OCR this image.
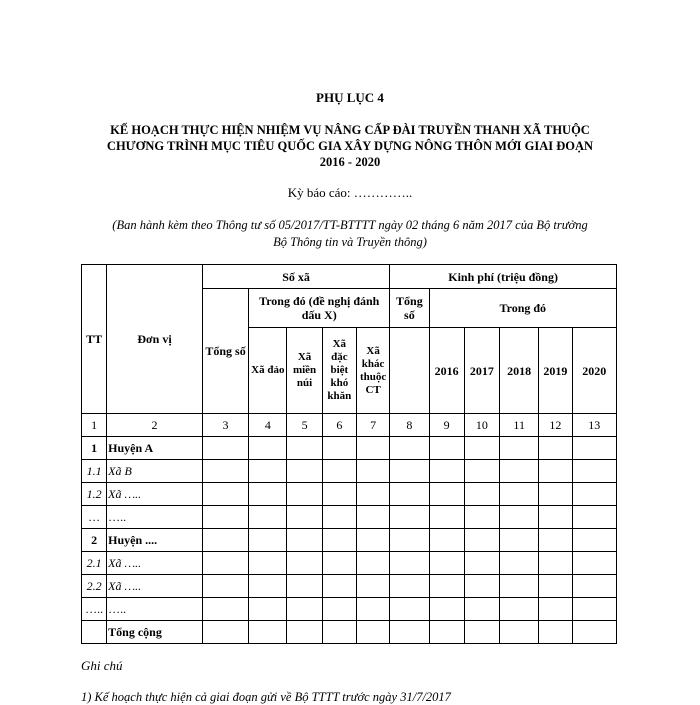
PHỤ LỤC 4
KẾ HOẠCH THỰC HIỆN NHIỆM VỤ NÂNG CẤP ĐÀI TRUYỀN THANH XÃ THUỘC
CHƯƠNG TRÌNH MỤC TIÊU QUỐC GIA XÂY DỰNG NÔNG THÔN MỚI GIAI ĐOẠN
2016 - 2020
Kỳ báo cáo: …………..
(Ban hành kèm theo Thông tư số 05/2017/TT-BTTTT ngày 02 tháng 6 năm 2017 của Bộ trưởng
Bộ Thông tin và Truyền thông)
TT	Đơn vị	Số xã					Kinh phí (triệu đồng)					
		Tổng số	Trong đó (đề nghị đánh dấu X)				Tổng số	Trong đó				
			Xã đảo	Xã miền núi	Xã đặc biệt khó khăn	Xã khác thuộc CT		2016	2017	2018	2019	2020
1	2	3	4	5	6	7	8	9	10	11	12	13
1	Huyện A											
1.1	Xã B											
1.2	Xã …..											
…	…..											
2	Huyện ....											
2.1	Xã …..											
2.2	Xã …..											
…..	…..											
	Tổng cộng											
Ghi chú
1) Kế hoạch thực hiện cả giai đoạn gửi về Bộ TTTT trước ngày 31/7/2017
